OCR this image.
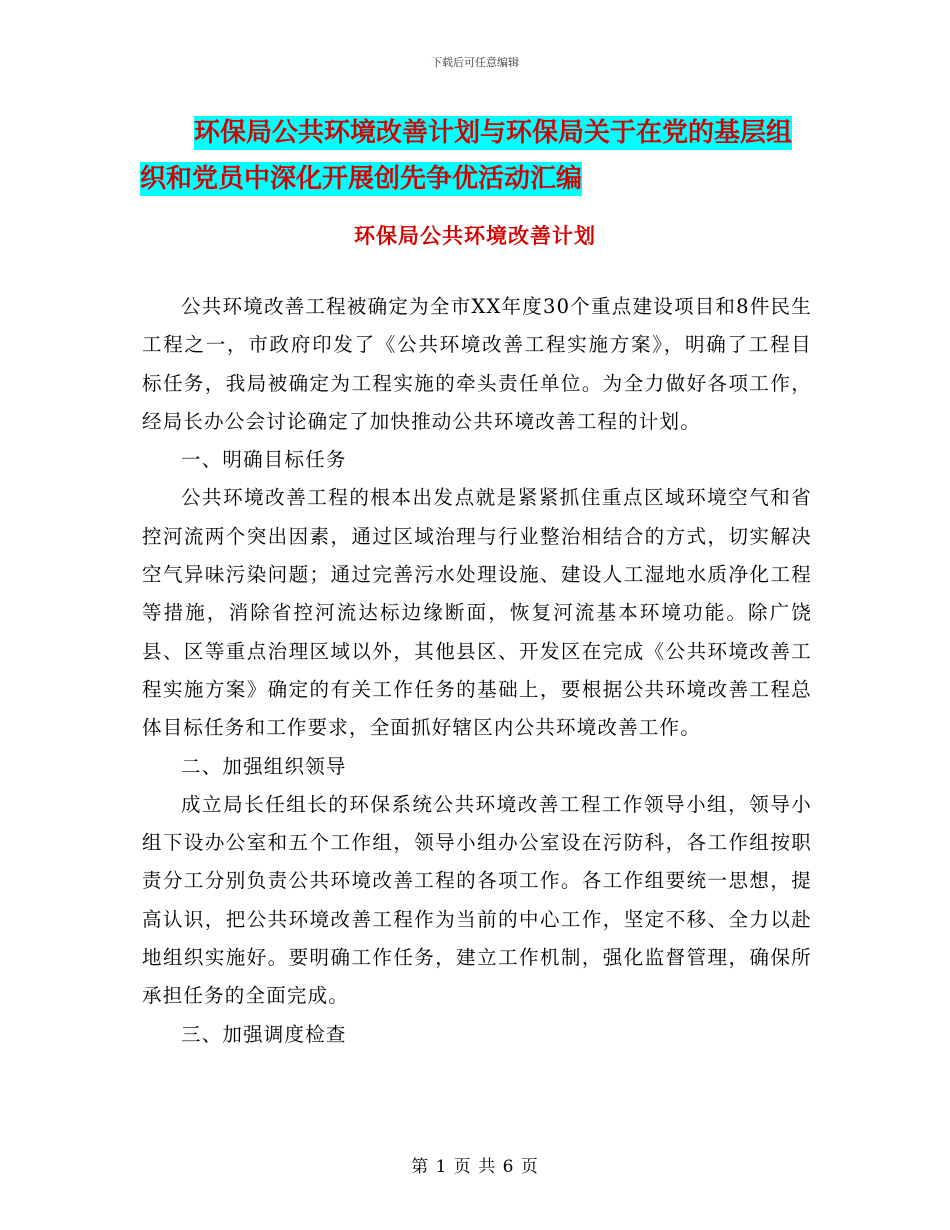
下载后可任意编辑
环保局公共环境改善计划与环保局关于在党的基层组
织和党员中深化开展创先争优活动汇编
环保局公共环境改善计划

公共环境改善工程被确定为全市XX年度30个重点建设项目和8件民生工程之一，市政府印发了《公共环境改善工程实施方案》，明确了工程目标任务，我局被确定为工程实施的牵头责任单位。为全力做好各项工作，经局长办公会讨论确定了加快推动公共环境改善工程的计划。

一、明确目标任务

公共环境改善工程的根本出发点就是紧紧抓住重点区域环境空气和省控河流两个突出因素，通过区域治理与行业整治相结合的方式，切实解决空气异味污染问题；通过完善污水处理设施、建设人工湿地水质净化工程等措施，消除省控河流达标边缘断面，恢复河流基本环境功能。除广饶县、区等重点治理区域以外，其他县区、开发区在完成《公共环境改善工程实施方案》确定的有关工作任务的基础上，要根据公共环境改善工程总体目标任务和工作要求，全面抓好辖区内公共环境改善工作。

二、加强组织领导

成立局长任组长的环保系统公共环境改善工程工作领导小组，领导小组下设办公室和五个工作组，领导小组办公室设在污防科，各工作组按职责分工分别负责公共环境改善工程的各项工作。各工作组要统一思想，提高认识，把公共环境改善工程作为当前的中心工作，坚定不移、全力以赴地组织实施好。要明确工作任务，建立工作机制，强化监督管理，确保所承担任务的全面完成。

三、加强调度检查

第 1 页 共 6 页
